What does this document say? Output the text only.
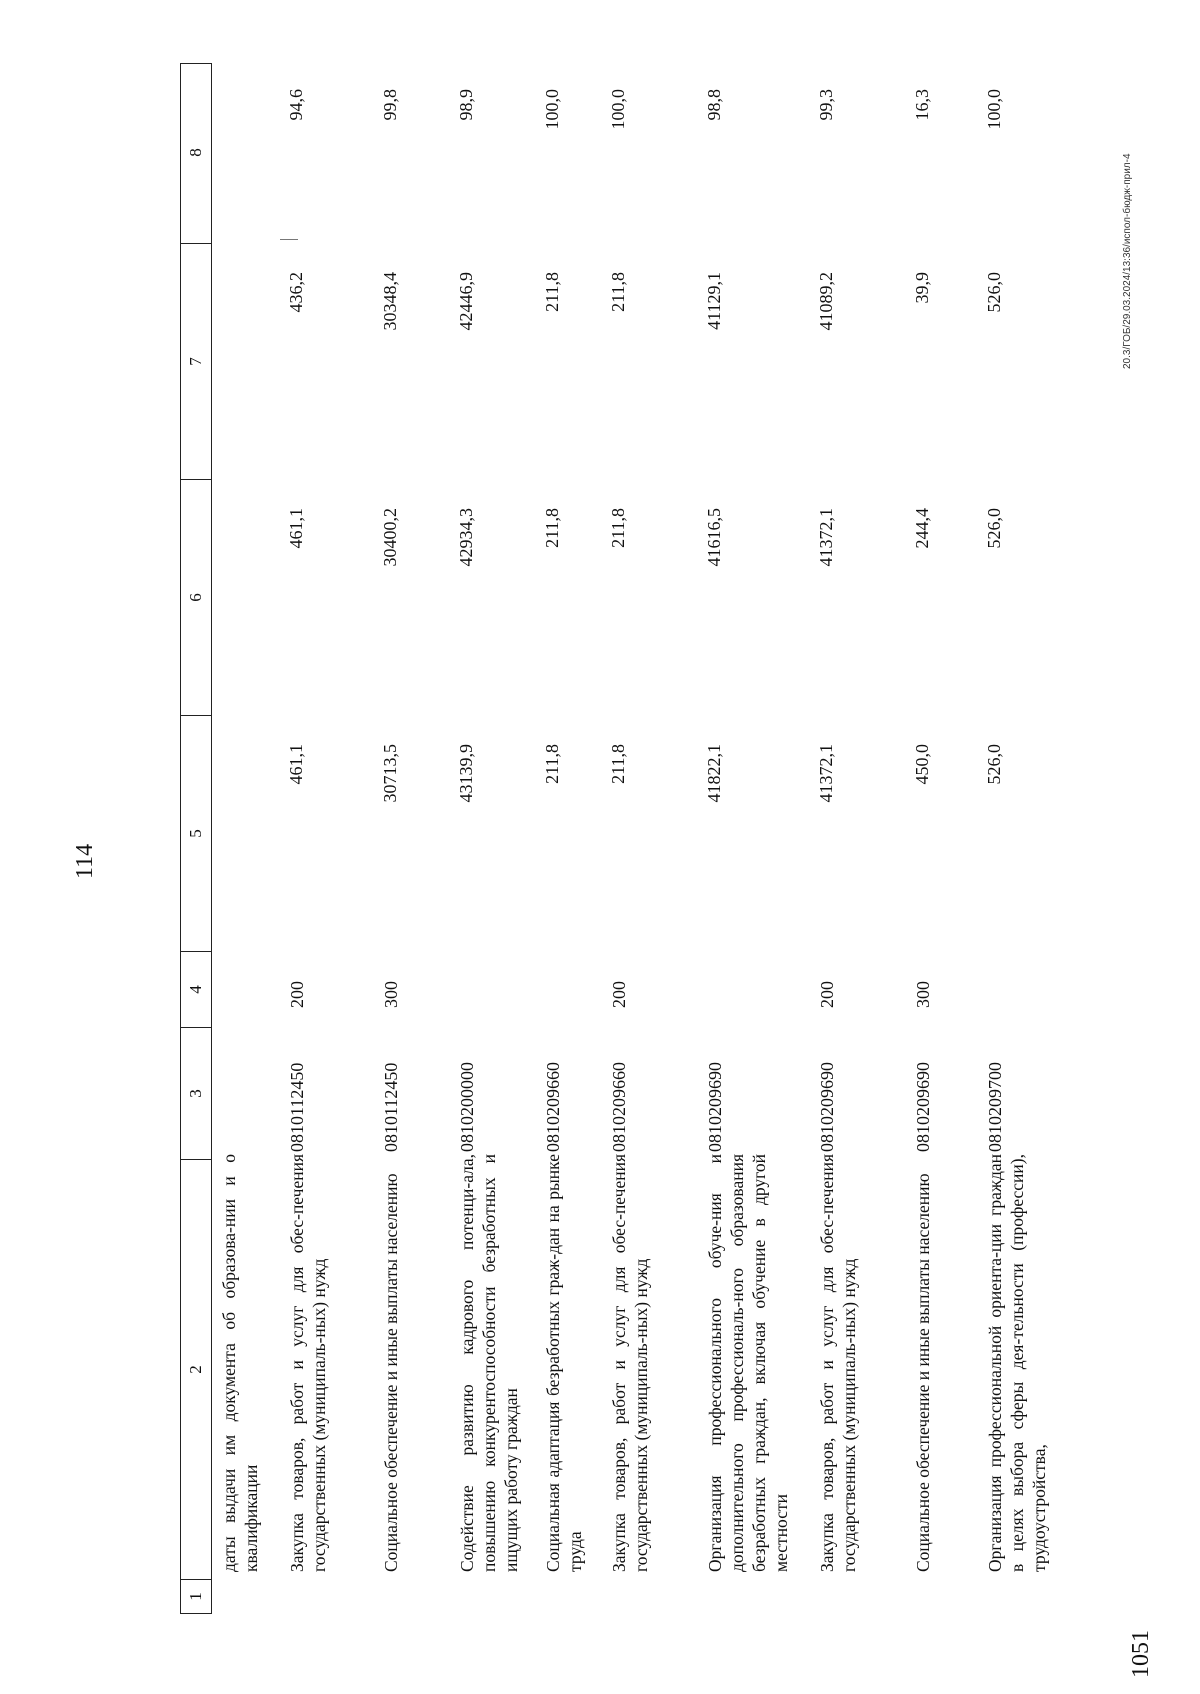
114
1
2
3
4
5
6
7
8
даты выдачи им документа об образова-нии и о квалификации Закупка товаров, работ и услуг для обес-печения государственных (муниципаль-ных) нужд
0810112450
200
461,1
461,1
436,2
94,6
Социальное обеспечение и иные выплаты населению
0810112450
300
30713,5
30400,2
30348,4
99,8
Содействие развитию кадрового потенци-ала, повышению конкурентоспособности безработных и ищущих работу граждан
0810200000
43139,9
42934,3
42446,9
98,9
Социальная адаптация безработных граж-дан на рынке труда
0810209660
211,8
211,8
211,8
100,0
Закупка товаров, работ и услуг для обес-печения государственных (муниципаль-ных) нужд
0810209660
200
211,8
211,8
211,8
100,0
Организация профессионального обуче-ния и дополнительного профессиональ-ного образования безработных граждан, включая обучение в другой местности
0810209690
41822,1
41616,5
41129,1
98,8
Закупка товаров, работ и услуг для обес-печения государственных (муниципаль-ных) нужд
0810209690
200
41372,1
41372,1
41089,2
99,3
Социальное обеспечение и иные выплаты населению
0810209690
300
450,0
244,4
39,9
16,3
Организация профессиональной ориента-ции граждан в целях выбора сферы дея-тельности (профессии), трудоустройства,
0810209700
526,0
526,0
526,0
100,0
20.3/ГОБ/29.03.2024/13:36/испол-бюдж-прил-4
1051
